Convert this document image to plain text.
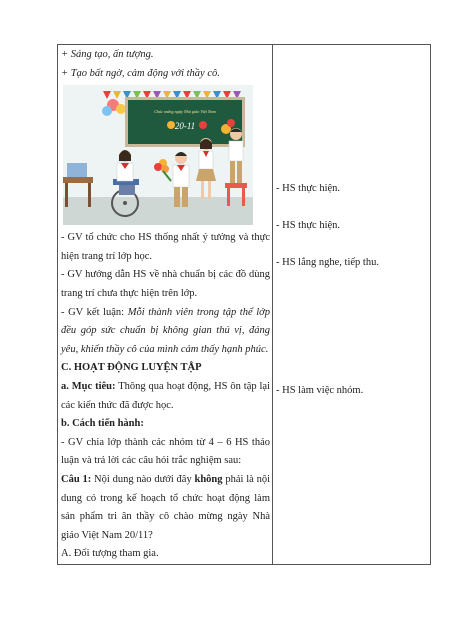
+ Sáng tạo, ấn tượng.

+ Tạo bất ngờ, cảm động với thầy cô.

Chúc mừng ngày Nhà giáo Việt Nam
20-11

- GV tổ chức cho HS thống nhất ý tưởng và thực hiện trang trí lớp học.

- GV hướng dẫn HS về nhà chuẩn bị các đồ dùng trang trí chưa thực hiện trên lớp.

- GV kết luận: Mỗi thành viên trong tập thể lớp đều góp sức chuẩn bị không gian thú vị, đáng yêu, khiến thầy cô của mình cảm thấy hạnh phúc.

C. HOẠT ĐỘNG LUYỆN TẬP

a. Mục tiêu: Thông qua hoạt động, HS ôn tập lại các kiến thức đã được học.

b. Cách tiến hành:

- GV chia lớp thành các nhóm từ 4 – 6 HS thảo luận và trả lời các câu hỏi trắc nghiệm sau:

Câu 1: Nội dung nào dưới đây không phải là nội dung có trong kế hoạch tổ chức hoạt động làm sản phẩm tri ân thầy cô chào mừng ngày Nhà giáo Việt Nam 20/11?

A. Đối tượng tham gia.

- HS thực hiện.
- HS thực hiện.
- HS lắng nghe, tiếp thu.
- HS làm việc nhóm.
